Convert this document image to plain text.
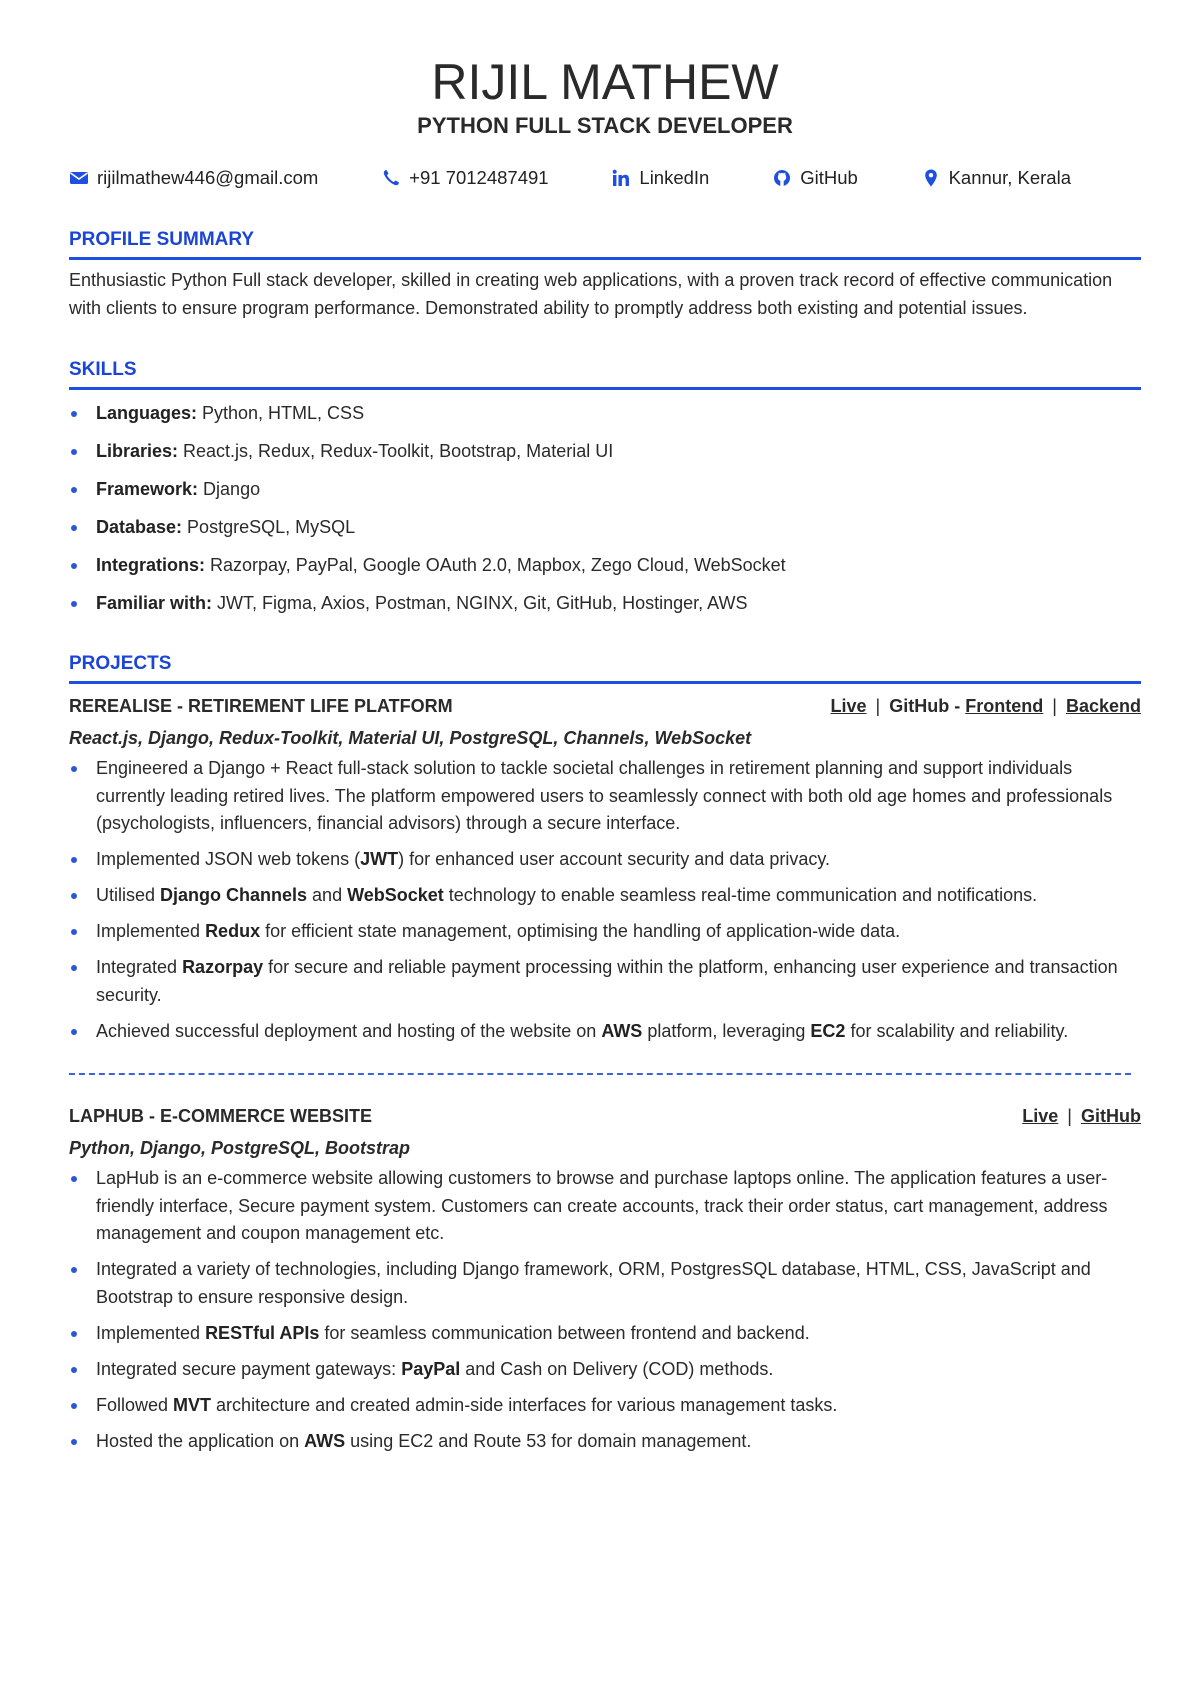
RIJIL MATHEW
PYTHON FULL STACK DEVELOPER
rijilmathew446@gmail.com	+91 7012487491	LinkedIn	GitHub	Kannur, Kerala
PROFILE SUMMARY
Enthusiastic Python Full stack developer, skilled in creating web applications, with a proven track record of effective communication with clients to ensure program performance. Demonstrated ability to promptly address both existing and potential issues.
SKILLS
Languages: Python, HTML, CSS
Libraries: React.js, Redux, Redux-Toolkit, Bootstrap, Material UI
Framework: Django
Database: PostgreSQL, MySQL
Integrations: Razorpay, PayPal, Google OAuth 2.0, Mapbox, Zego Cloud, WebSocket
Familiar with: JWT, Figma, Axios, Postman, NGINX, Git, GitHub, Hostinger, AWS
PROJECTS
REREALISE - RETIREMENT LIFE PLATFORM	Live | GitHub - Frontend | Backend
React.js, Django, Redux-Toolkit, Material UI, PostgreSQL, Channels, WebSocket
Engineered a Django + React full-stack solution to tackle societal challenges in retirement planning and support individuals currently leading retired lives. The platform empowered users to seamlessly connect with both old age homes and professionals (psychologists, influencers, financial advisors) through a secure interface.
Implemented JSON web tokens (JWT) for enhanced user account security and data privacy.
Utilised Django Channels and WebSocket technology to enable seamless real-time communication and notifications.
Implemented Redux for efficient state management, optimising the handling of application-wide data.
Integrated Razorpay for secure and reliable payment processing within the platform, enhancing user experience and transaction security.
Achieved successful deployment and hosting of the website on AWS platform, leveraging EC2 for scalability and reliability.
LAPHUB - E-COMMERCE WEBSITE	Live | GitHub
Python, Django, PostgreSQL, Bootstrap
LapHub is an e-commerce website allowing customers to browse and purchase laptops online. The application features a user-friendly interface, Secure payment system. Customers can create accounts, track their order status, cart management, address management and coupon management etc.
Integrated a variety of technologies, including Django framework, ORM, PostgresSQL database, HTML, CSS, JavaScript and Bootstrap to ensure responsive design.
Implemented RESTful APIs for seamless communication between frontend and backend.
Integrated secure payment gateways: PayPal and Cash on Delivery (COD) methods.
Followed MVT architecture and created admin-side interfaces for various management tasks.
Hosted the application on AWS using EC2 and Route 53 for domain management.
